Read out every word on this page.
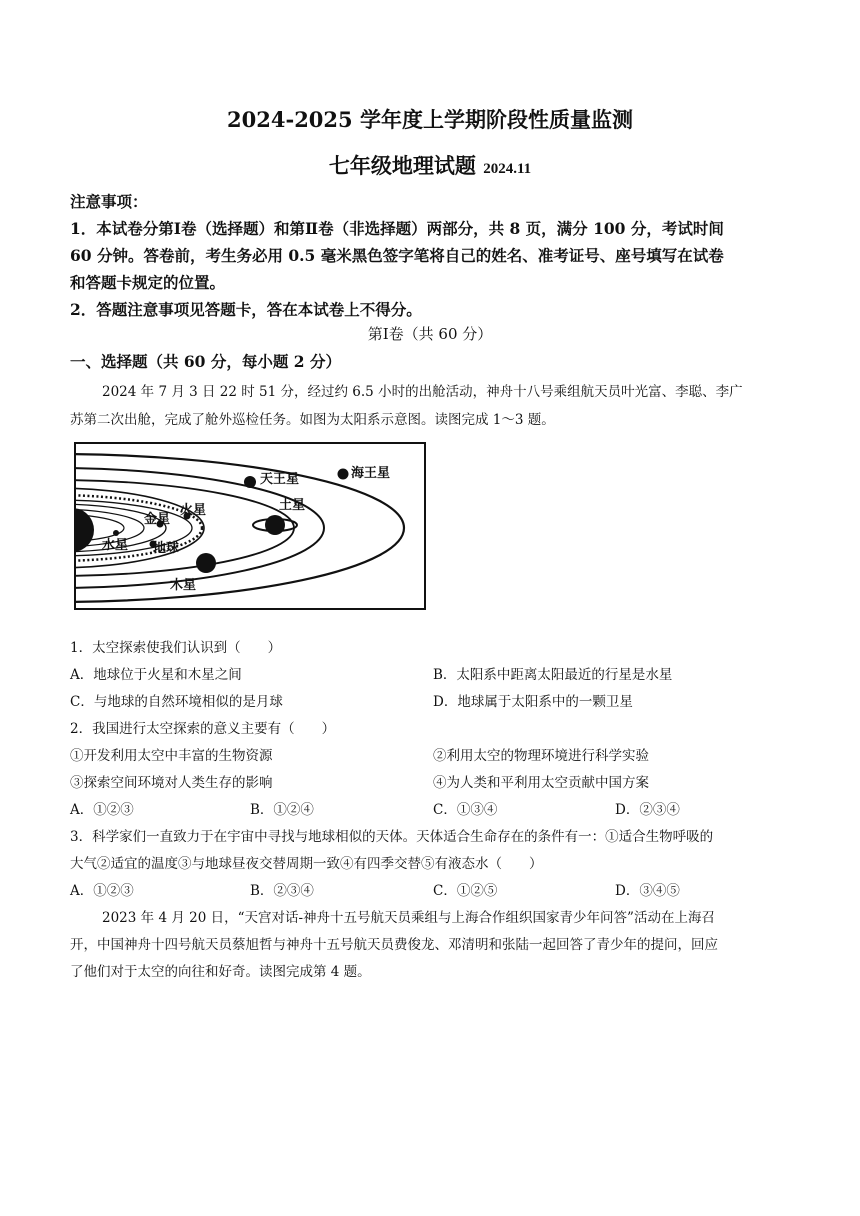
2024-2025 学年度上学期阶段性质量监测
七年级地理试题 2024.11
注意事项：
1．本试卷分第Ⅰ卷（选择题）和第Ⅱ卷（非选择题）两部分，共 8 页，满分 100 分，考试时间
60 分钟。答卷前，考生务必用 0.5 毫米黑色签字笔将自己的姓名、准考证号、座号填写在试卷
和答题卡规定的位置。
2．答题注意事项见答题卡，答在本试卷上不得分。
第Ⅰ卷（共 60 分）
一、选择题（共 60 分，每小题 2 分）
2024 年 7 月 3 日 22 时 51 分，经过约 6.5 小时的出舱活动，神舟十八号乘组航天员叶光富、李聪、李广
苏第二次出舱，完成了舱外巡检任务。如图为太阳系示意图。读图完成 1～3 题。
海王星
天王星
土星
木星
火星
金星
地球
水星
1．太空探索使我们认识到（　　）
A．地球位于火星和木星之间	B．太阳系中距离太阳最近的行星是水星
C．与地球的自然环境相似的是月球	D．地球属于太阳系中的一颗卫星
2．我国进行太空探索的意义主要有（　　）
①开发利用太空中丰富的生物资源	②利用太空的物理环境进行科学实验
③探索空间环境对人类生存的影响	④为人类和平利用太空贡献中国方案
A．①②③	B．①②④	C．①③④	D．②③④
3．科学家们一直致力于在宇宙中寻找与地球相似的天体。天体适合生命存在的条件有一：①适合生物呼吸的
大气②适宜的温度③与地球昼夜交替周期一致④有四季交替⑤有液态水（　　）
A．①②③	B．②③④	C．①②⑤	D．③④⑤
2023 年 4 月 20 日，“天宫对话-神舟十五号航天员乘组与上海合作组织国家青少年问答”活动在上海召
开，中国神舟十四号航天员蔡旭哲与神舟十五号航天员费俊龙、邓清明和张陆一起回答了青少年的提问，回应
了他们对于太空的向往和好奇。读图完成第 4 题。
